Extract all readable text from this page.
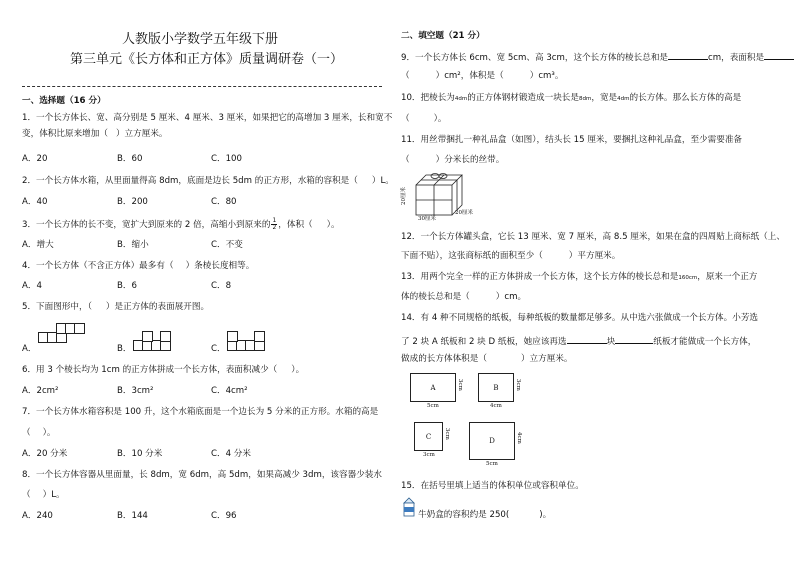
人教版小学数学五年级下册
第三单元《长方体和正方体》质量调研卷（一）
一、选择题（16 分）
1．一个长方体长、宽、高分别是 5 厘米、4 厘米、3 厘米，如果把它的高增加 3 厘米，长和宽不
变，体积比原来增加（ ）立方厘米。
A．20	B．60	C．100
2．一个长方体水箱，从里面量得高 8dm，底面是边长 5dm 的正方形，水箱的容积是（ ）L。
A．40	B．200	C．80
3．一个长方体的长不变，宽扩大到原来的 2 倍，高缩小到原来的 $\frac{1}{2}$ ，体积（ ）。
A．增大	B．缩小	C．不变
4．一个长方体（不含正方体）最多有（ ）条棱长度相等。
A．4	B．6	C．8
5．下面图形中，（ ）是正方体的表面展开图。
A．	B．	C．
6．用 3 个棱长均为 1cm 的正方体拼成一个长方体，表面积减少（ ）。
A．2cm²	B．3cm²	C．4cm²
7．一个长方体水箱容积是 100 升，这个水箱底面是一个边长为 5 分米的正方形。水箱的高是
（ ）。
A．20 分米	B．10 分米	C．4 分米
8．一个长方体容器从里面量，长 8dm，宽 6dm，高 5dm，如果高减少 3dm，该容器少装水
（ ）L。
A．240	B．144	C．96
二、填空题（21 分）
9．一个长方体长 6cm、宽 5cm、高 3cm，这个长方体的棱长总和是	cm，表面积是
（	）cm²，体积是（	）cm³。
10．把棱长为4dm的正方体钢材锻造成一块长是8dm，宽是4dm的长方体。那么长方体的高是
（	）。
11．用丝带捆扎一种礼品盒（如图），结头长 15 厘米，要捆扎这种礼品盒，至少需要准备
（	）分米长的丝带。
20厘米
30厘米
20厘米
12．一个长方体罐头盒，它长 13 厘米、宽 7 厘米，高 8.5 厘米，如果在盒的四周贴上商标纸（上、
下面不贴），这张商标纸的面积至少（	）平方厘米。
13．用两个完全一样的正方体拼成一个长方体，这个长方体的棱长总和是160cm，原来一个正方
体的棱长总和是（	）cm。
14．有 4 种不同规格的纸板，每种纸板的数量都足够多。从中选六张做成一个长方体。小芳选
了 2 块 A 纸板和 2 块 D 纸板，她应该再选	块	纸板才能做成一个长方体，
做成的长方体体积是（	）立方厘米。
A
5cm
3cm	B
4cm
3cm
C
3cm
3cm
D
5cm
4cm
15．在括号里填上适当的体积单位或容积单位。
牛奶盒的容积约是 250(	)。
